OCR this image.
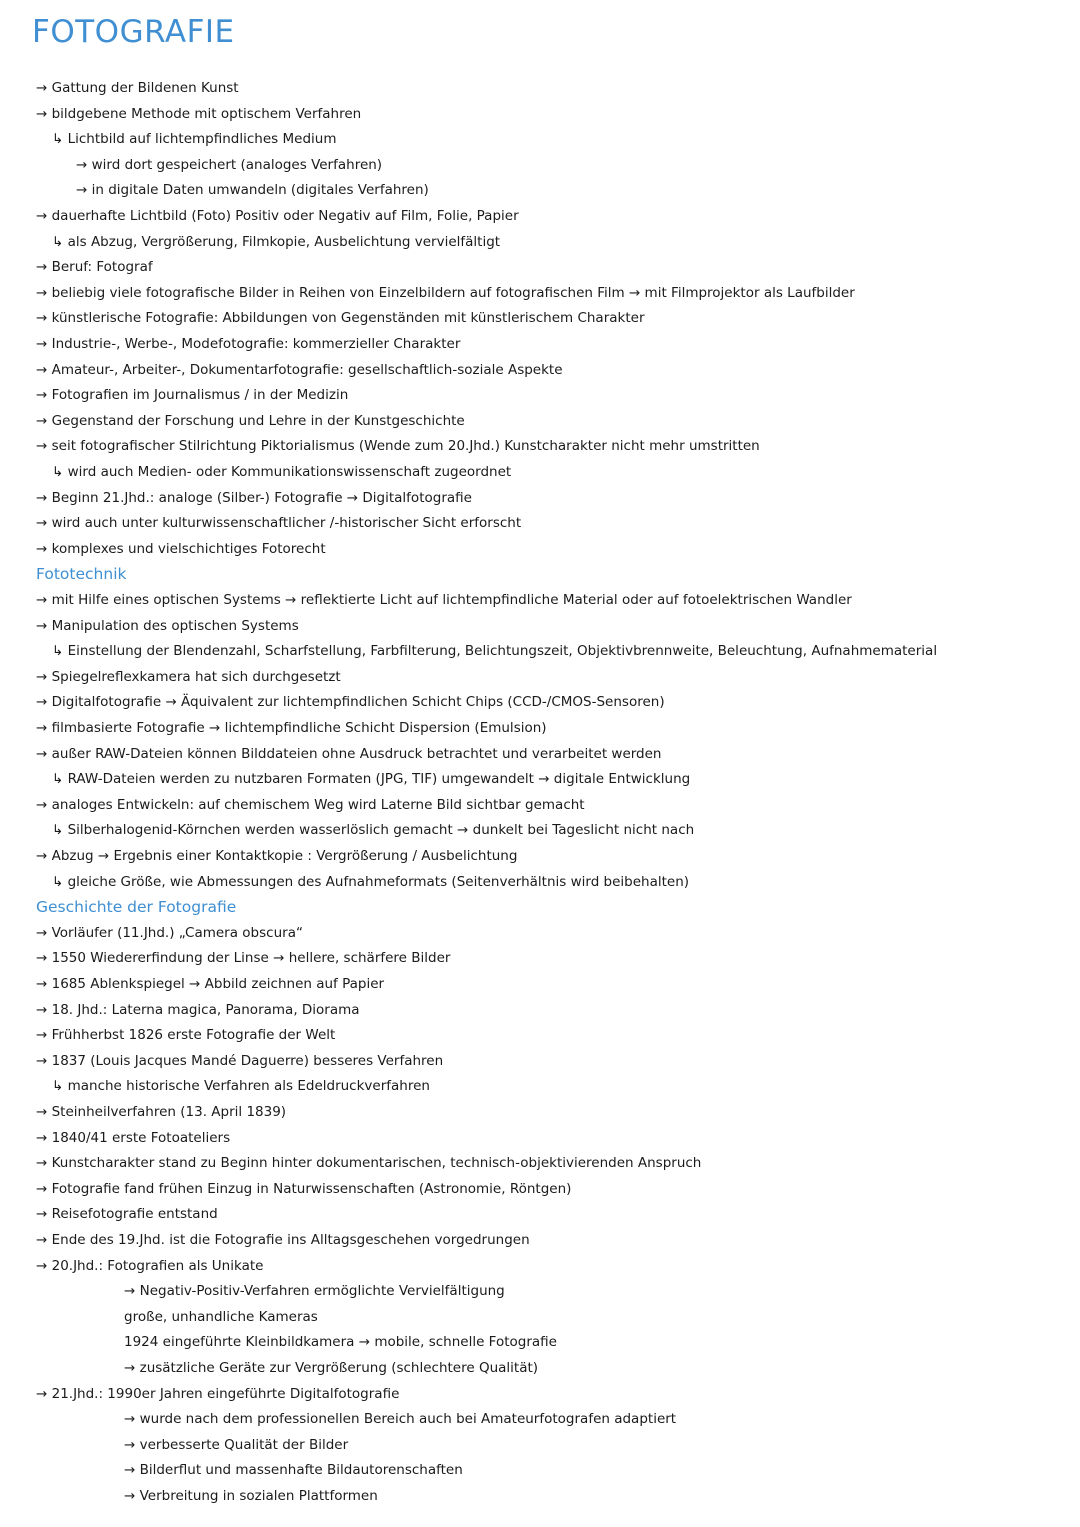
FOTOGRAFIE
→ Gattung der Bildenen Kunst
→ bildgebene Methode mit optischem Verfahren
↳ Lichtbild auf lichtempfindliches Medium
→ wird dort gespeichert (analoges Verfahren)
→ in digitale Daten umwandeln (digitales Verfahren)
→ dauerhafte Lichtbild (Foto) Positiv oder Negativ auf Film, Folie, Papier
↳ als Abzug, Vergrößerung, Filmkopie, Ausbelichtung vervielfältigt
→ Beruf: Fotograf
→ beliebig viele fotografische Bilder in Reihen von Einzelbildern auf fotografischen Film → mit Filmprojektor als Laufbilder
→ künstlerische Fotografie: Abbildungen von Gegenständen mit künstlerischem Charakter
→ Industrie-, Werbe-, Modefotografie: kommerzieller Charakter
→ Amateur-, Arbeiter-, Dokumentarfotografie: gesellschaftlich-soziale Aspekte
→ Fotografien im Journalismus / in der Medizin
→ Gegenstand der Forschung und Lehre in der Kunstgeschichte
→ seit fotografischer Stilrichtung Piktorialismus (Wende zum 20.Jhd.) Kunstcharakter nicht mehr umstritten
↳ wird auch Medien- oder Kommunikationswissenschaft zugeordnet
→ Beginn 21.Jhd.: analoge (Silber-) Fotografie → Digitalfotografie
→ wird auch unter kulturwissenschaftlicher /-historischer Sicht erforscht
→ komplexes und vielschichtiges Fotorecht
Fototechnik
→ mit Hilfe eines optischen Systems → reflektierte Licht auf lichtempfindliche Material oder auf fotoelektrischen Wandler
→ Manipulation des optischen Systems
↳ Einstellung der Blendenzahl, Scharfstellung, Farbfilterung, Belichtungszeit, Objektivbrennweite, Beleuchtung, Aufnahmematerial
→ Spiegelreflexkamera hat sich durchgesetzt
→ Digitalfotografie → Äquivalent zur lichtempfindlichen Schicht Chips (CCD-/CMOS-Sensoren)
→ filmbasierte Fotografie → lichtempfindliche Schicht Dispersion (Emulsion)
→ außer RAW-Dateien können Bilddateien ohne Ausdruck betrachtet und verarbeitet werden
↳ RAW-Dateien werden zu nutzbaren Formaten (JPG, TIF) umgewandelt → digitale Entwicklung
→ analoges Entwickeln: auf chemischem Weg wird Laterne Bild sichtbar gemacht
↳ Silberhalogenid-Körnchen werden wasserlöslich gemacht → dunkelt bei Tageslicht nicht nach
→ Abzug → Ergebnis einer Kontaktkopie : Vergrößerung / Ausbelichtung
↳ gleiche Größe, wie Abmessungen des Aufnahmeformats (Seitenverhältnis wird beibehalten)
Geschichte der Fotografie
→ Vorläufer (11.Jhd.) „Camera obscura“
→ 1550 Wiedererfindung der Linse → hellere, schärfere Bilder
→ 1685 Ablenkspiegel → Abbild zeichnen auf Papier
→ 18. Jhd.: Laterna magica, Panorama, Diorama
→ Frühherbst 1826 erste Fotografie der Welt
→ 1837 (Louis Jacques Mandé Daguerre) besseres Verfahren
↳ manche historische Verfahren als Edeldruckverfahren
→ Steinheilverfahren (13. April 1839)
→ 1840/41 erste Fotoateliers
→ Kunstcharakter stand zu Beginn hinter dokumentarischen, technisch-objektivierenden Anspruch
→ Fotografie fand frühen Einzug in Naturwissenschaften (Astronomie, Röntgen)
→ Reisefotografie entstand
→ Ende des 19.Jhd. ist die Fotografie ins Alltagsgeschehen vorgedrungen
→ 20.Jhd.: Fotografien als Unikate
→ Negativ-Positiv-Verfahren ermöglichte Vervielfältigung
große, unhandliche Kameras
1924 eingeführte Kleinbildkamera → mobile, schnelle Fotografie
→ zusätzliche Geräte zur Vergrößerung (schlechtere Qualität)
→ 21.Jhd.: 1990er Jahren eingeführte Digitalfotografie
→ wurde nach dem professionellen Bereich auch bei Amateurfotografen adaptiert
→ verbesserte Qualität der Bilder
→ Bilderflut und massenhafte Bildautorenschaften
→ Verbreitung in sozialen Plattformen
